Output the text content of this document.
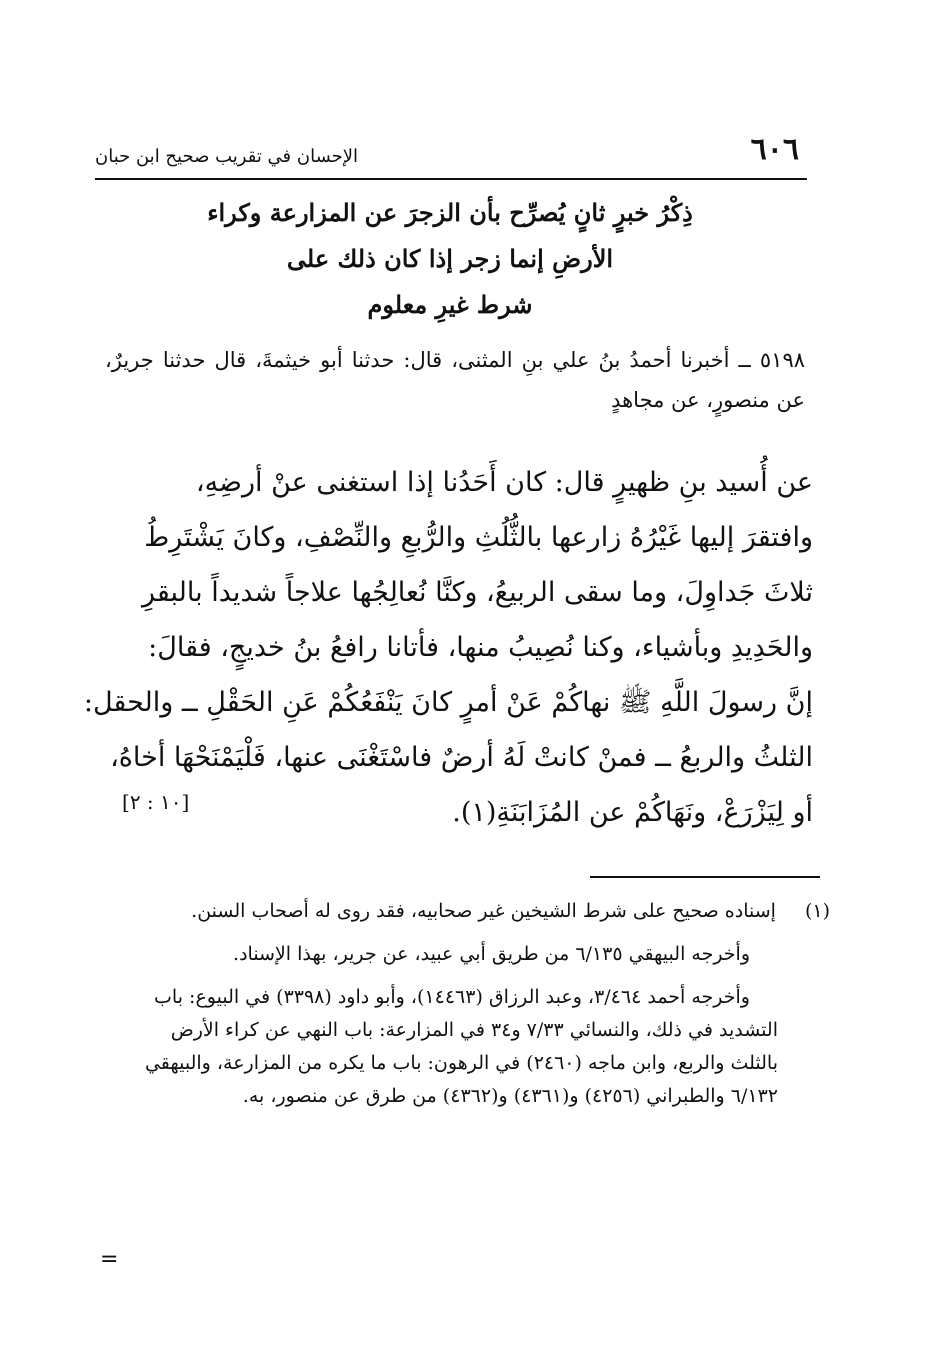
٦٠٦
الإحسان في تقريب صحيح ابن حبان
ذِكْرُ خبرٍ ثانٍ يُصرِّح بأن الزجرَ عن المزارعة وكراء
الأرضِ إنما زجر إذا كان ذلك على
شرط غيرِ معلوم
٥١٩٨ ــ أخبرنا أحمدُ بنُ علي بنِ المثنى، قال: حدثنا أبو خيثمةَ، قال حدثنا جريرٌ، عن منصورٍ، عن مجاهدٍ
عن أُسيد بنِ ظهيرٍ قال: كان أَحَدُنا إذا استغنى عنْ أرضِهِ،
وافتقرَ إليها غَيْرُهُ زارعها بالثُّلُثِ والرُّبعِ والنِّصْفِ، وكانَ يَشْتَرِطُ
ثلاثَ جَداوِلَ، وما سقى الربيعُ، وكنَّا نُعالِجُها علاجاً شديداً بالبقرِ
والحَدِيدِ وبأشياء، وكنا نُصِيبُ منها، فأتانا رافعُ بنُ خديجٍ، فقالَ:
إنَّ رسولَ اللَّهِ ﷺ نهاكُمْ عَنْ أمرٍ كانَ يَنْفَعُكُمْ عَنِ الحَقْلِ ــ والحقل:
الثلثُ والربعُ ــ فمنْ كانتْ لَهُ أرضٌ فاسْتَغْنَى عنها، فَلْيَمْنَحْهَا أخاهُ،
أو لِيَزْرَعْ، ونَهَاكُمْ عن المُزَابَنَةِ(١).
[١٠ : ٢]
(١) إسناده صحيح على شرط الشيخين غير صحابيه، فقد روى له أصحاب السنن.
وأخرجه البيهقي ٦/١٣٥ من طريق أبي عبيد، عن جرير، بهذا الإسناد.
وأخرجه أحمد ٣/٤٦٤، وعبد الرزاق (١٤٤٦٣)، وأبو داود (٣٣٩٨) في البيوع: باب التشديد في ذلك، والنسائي ٧/٣٣ و٣٤ في المزارعة: باب النهي عن كراء الأرض بالثلث والربع، وابن ماجه (٢٤٦٠) في الرهون: باب ما يكره من المزارعة، والبيهقي ٦/١٣٢ والطبراني (٤٢٥٦) و(٤٣٦١) و(٤٣٦٢) من طرق عن منصور، به.
=
